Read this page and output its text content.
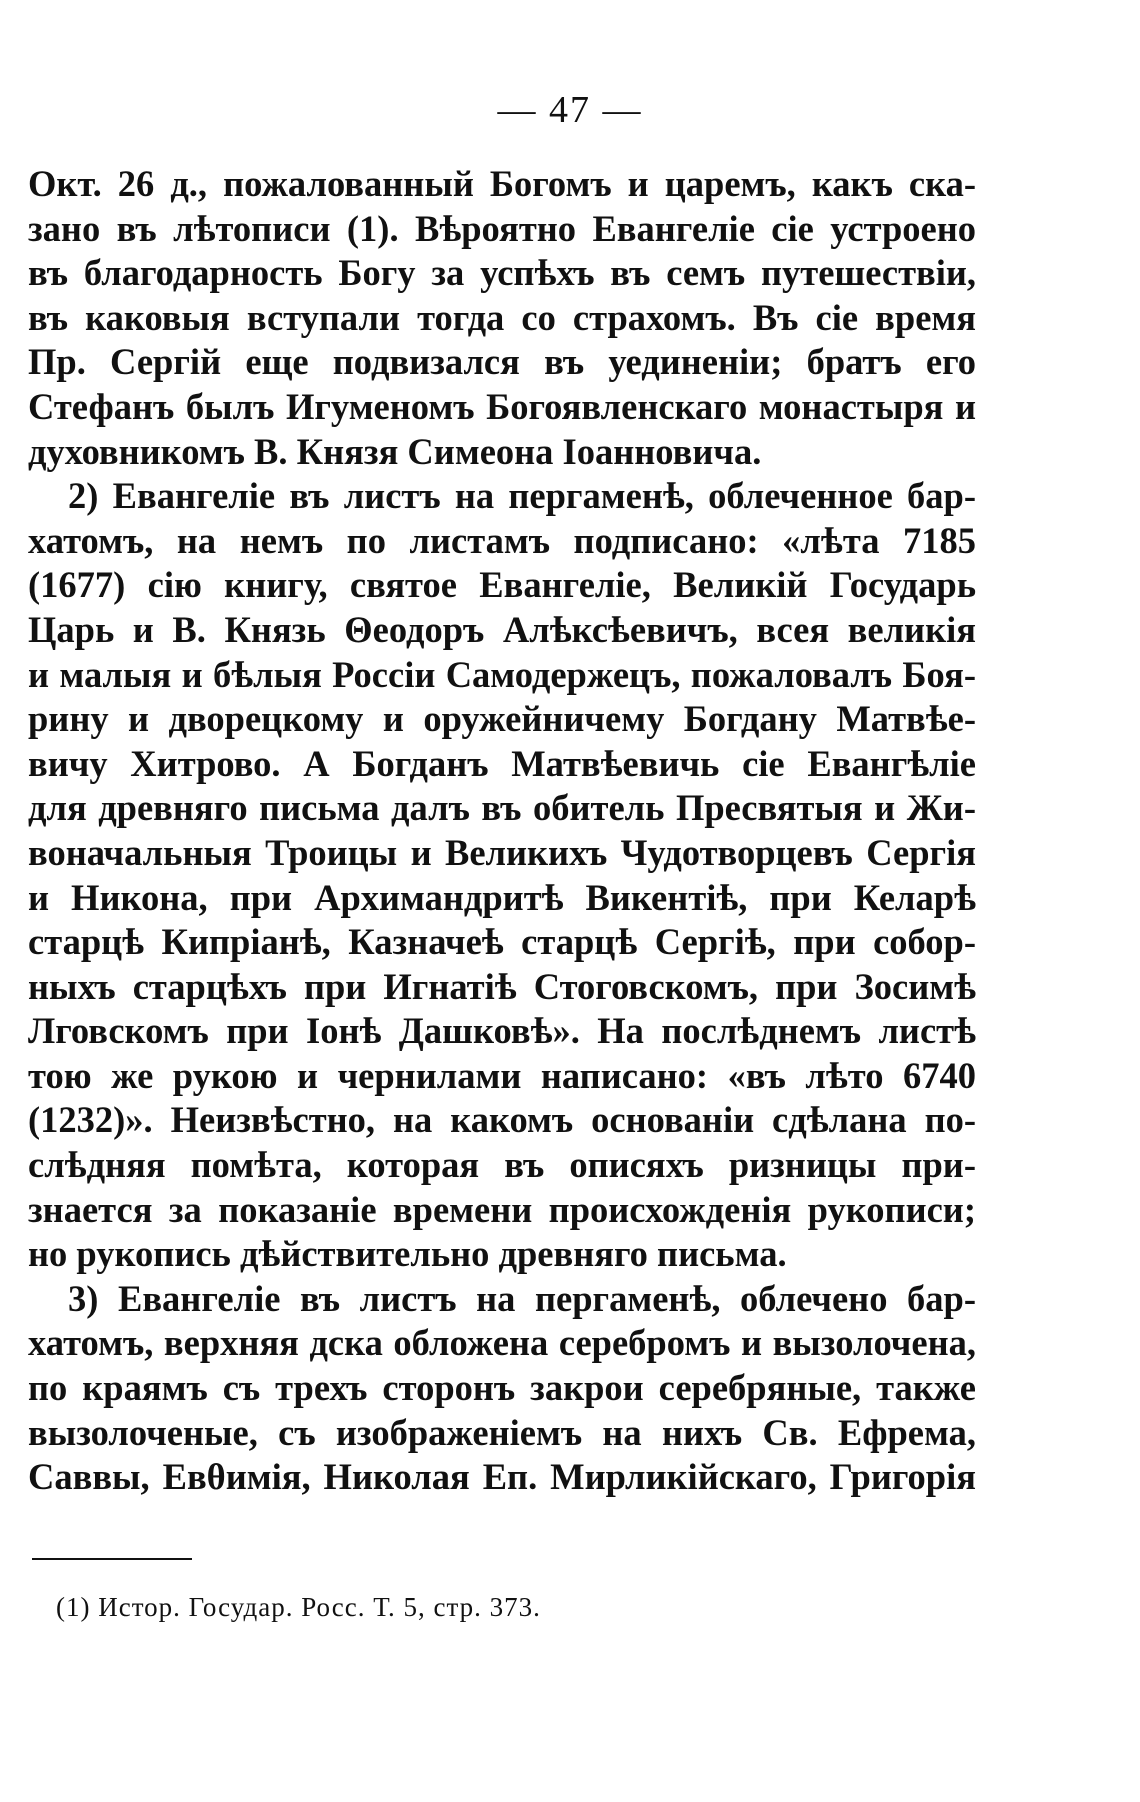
— 47 —
Окт. 26 д., пожалованный Богомъ и царемъ, какъ ска-
зано въ лѣтописи (1). Вѣроятно Евангеліе сіе устроено
въ благодарность Богу за успѣхъ въ семъ путешествіи,
въ каковыя вступали тогда со страхомъ. Въ сіе время
Пр. Сергій еще подвизался въ уединеніи; братъ его
Стефанъ былъ Игуменомъ Богоявленскаго монастыря и
духовникомъ В. Князя Симеона Іоанновича.
2) Евангеліе въ листъ на пергаменѣ, облеченное бар-
хатомъ, на немъ по листамъ подписано: «лѣта 7185
(1677) сію книгу, святое Евангеліе, Великій Государь
Царь и В. Князь Θеодоръ Алѣксѣевичъ, всея великія
и малыя и бѣлыя Россіи Самодержецъ, пожаловалъ Боя-
рину и дворецкому и оружейничему Богдану Матвѣе-
вичу Хитрово. А Богданъ Матвѣевичь сіе Евангѣліе
для древняго письма далъ въ обитель Пресвятыя и Жи-
воначальныя Троицы и Великихъ Чудотворцевъ Сергія
и Никона, при Архимандритѣ Викентіѣ, при Келарѣ
старцѣ Кипріанѣ, Казначеѣ старцѣ Сергіѣ, при собор-
ныхъ старцѣхъ при Игнатіѣ Стоговскомъ, при Зосимѣ
Лговскомъ при Іонѣ Дашковѣ». На послѣднемъ листѣ
тою же рукою и чернилами написано: «въ лѣто 6740
(1232)». Неизвѣстно, на какомъ основаніи сдѣлана по-
слѣдняя помѣта, которая въ описяхъ ризницы при-
знается за показаніе времени происхожденія рукописи;
но рукопись дѣйствительно древняго письма.
3) Евангеліе въ листъ на пергаменѣ, облечено бар-
хатомъ, верхняя дска обложена серебромъ и вызолочена,
по краямъ съ трехъ сторонъ закрои серебряные, также
вызолоченые, съ изображеніемъ на нихъ Св. Ефрема,
Саввы, Евθимія, Николая Еп. Мирликійскаго, Григорія
(1) Истор. Государ. Росс. Т. 5, стр. 373.
